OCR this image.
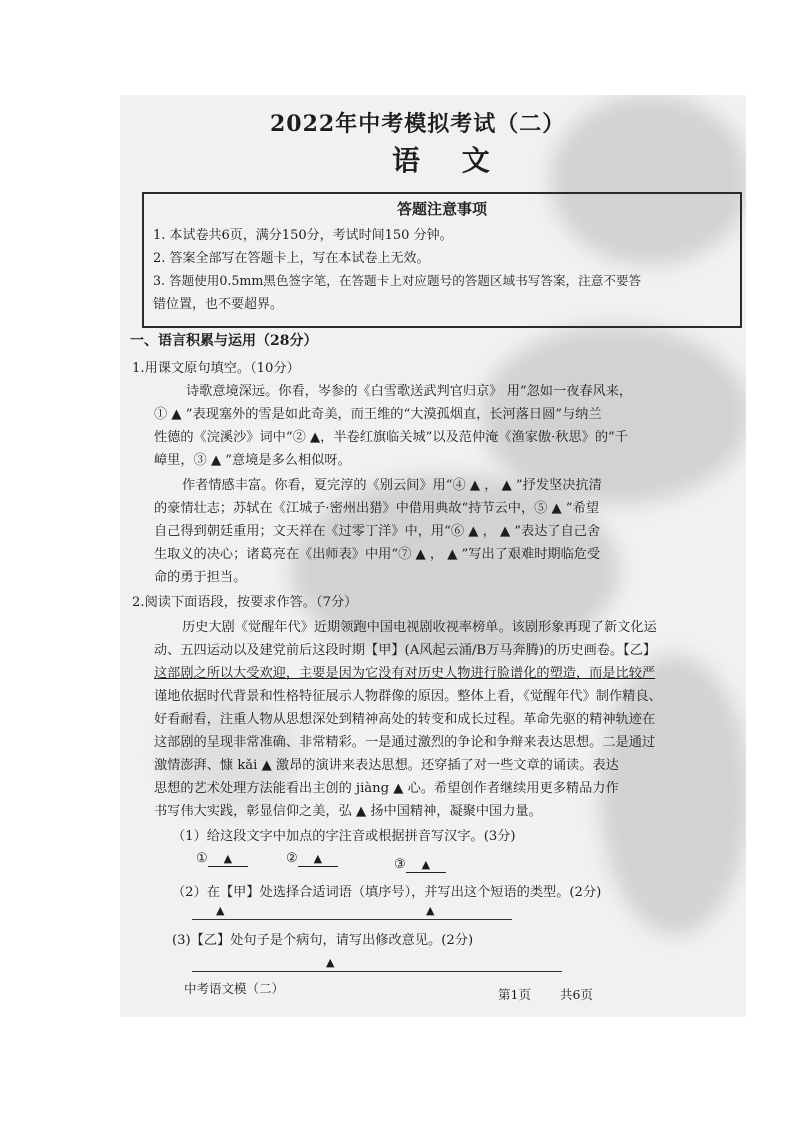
2022年中考模拟考试（二）
语 文
答题注意事项
1. 本试卷共6页，满分150分，考试时间150 分钟。
2. 答案全部写在答题卡上，写在本试卷上无效。
3. 答题使用0.5mm黑色签字笔，在答题卡上对应题号的答题区域书写答案，注意不要答
错位置，也不要超界。
一、语言积累与运用（28分）
1.用课文原句填空。（10分）
诗歌意境深远。你看，岑参的《白雪歌送武判官归京》 用“忽如一夜春风来，
① ▲ ”表现塞外的雪是如此奇美，而王维的“大漠孤烟直，长河落日圆”与纳兰
性德的《浣溪沙》词中“② ▲，半卷红旗临关城”以及范仲淹《渔家傲·秋思》的“千
嶂里，③ ▲ ”意境是多么相似呀。
作者情感丰富。你看，夏完淳的《别云间》用“④ ▲ ， ▲ ”抒发坚决抗清
的豪情壮志；苏轼在《江城子·密州出猎》中借用典故“持节云中，⑤ ▲ ”希望
自己得到朝廷重用；文天祥在《过零丁洋》中，用“⑥ ▲ ， ▲ ”表达了自己舍
生取义的决心；诸葛亮在《出师表》中用“⑦ ▲ ， ▲ ”写出了艰难时期临危受
命的勇于担当。
2.阅读下面语段，按要求作答。（7分）
历史大剧《觉醒年代》近期领跑中国电视剧收视率榜单。该剧形象再现了新文化运
动、五四运动以及建党前后这段时期【甲】(A风起云涌/B万马奔腾)的历史画卷。【乙】
这部剧之所以大受欢迎，主要是因为它没有对历史人物进行脸谱化的塑造，而是比较严
谨地依据时代背景和性格特征展示人物群像的原因。整体上看，《觉醒年代》制作精良、
好看耐看，注重人物从思想深处到精神高处的转变和成长过程。革命先驱的精神轨迹在
这部剧的呈现非常准确、非常精彩。一是通过激烈的争论和争辩来表达思想。二是通过
激情澎湃、慷 kǎi ▲ 激昂的演讲来表达思想。还穿插了对一些文章的诵读。表达
思想的艺术处理方法能看出主创的 jiàng ▲ 心。希望创作者继续用更多精品力作
书写伟大实践，彰显信仰之美，弘 ▲ 扬中国精神，凝聚中国力量。
（1）给这段文字中加点的字注音或根据拼音写汉字。(3分)
① ▲	② ▲	③ ▲
（2）在【甲】处选择合适词语（填序号），并写出这个短语的类型。(2分)
▲	▲
(3)【乙】处句子是个病句，请写出修改意见。(2分)
▲
中考语文模（二）	第1页 共6页
